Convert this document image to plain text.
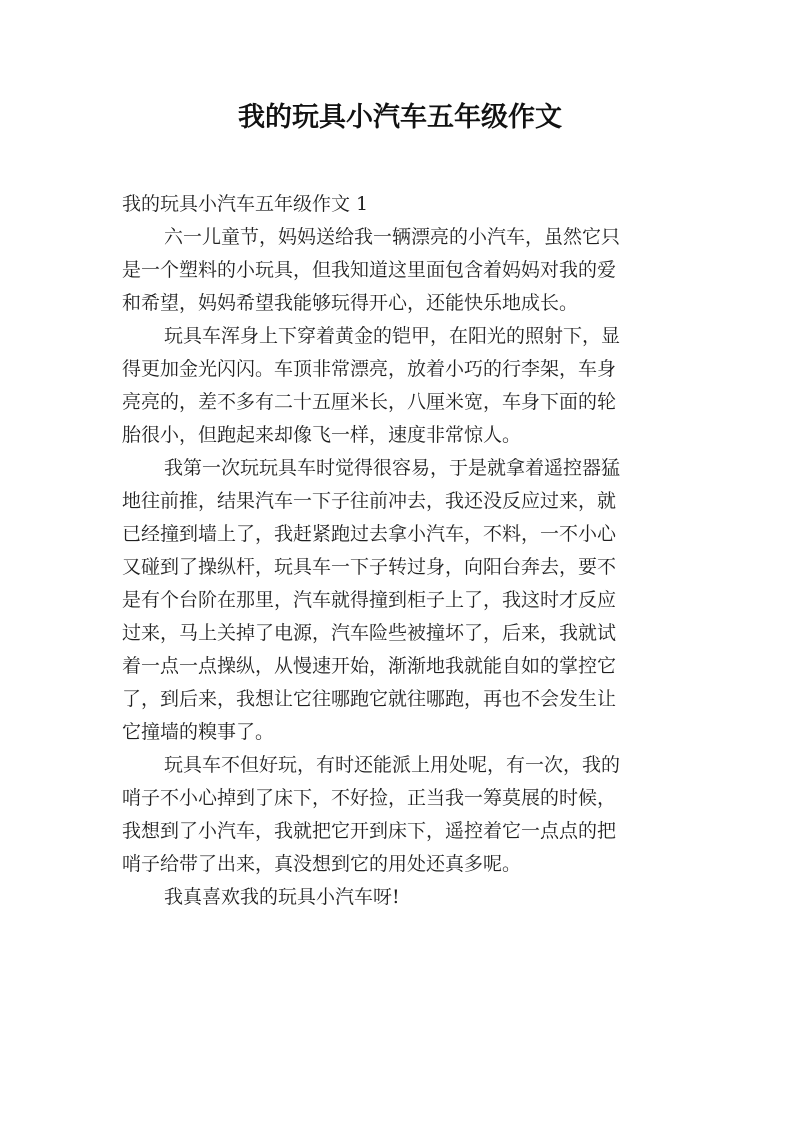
我的玩具小汽车五年级作文
我的玩具小汽车五年级作文 1

六一儿童节，妈妈送给我一辆漂亮的小汽车，虽然它只
是一个塑料的小玩具，但我知道这里面包含着妈妈对我的爱
和希望，妈妈希望我能够玩得开心，还能快乐地成长。

玩具车浑身上下穿着黄金的铠甲，在阳光的照射下，显
得更加金光闪闪。车顶非常漂亮，放着小巧的行李架，车身
亮亮的，差不多有二十五厘米长，八厘米宽，车身下面的轮
胎很小，但跑起来却像飞一样，速度非常惊人。

我第一次玩玩具车时觉得很容易，于是就拿着遥控器猛
地往前推，结果汽车一下子往前冲去，我还没反应过来，就
已经撞到墙上了，我赶紧跑过去拿小汽车，不料，一不小心
又碰到了操纵杆，玩具车一下子转过身，向阳台奔去，要不
是有个台阶在那里，汽车就得撞到柜子上了，我这时才反应
过来，马上关掉了电源，汽车险些被撞坏了，后来，我就试
着一点一点操纵，从慢速开始，渐渐地我就能自如的掌控它
了，到后来，我想让它往哪跑它就往哪跑，再也不会发生让
它撞墙的糗事了。

玩具车不但好玩，有时还能派上用处呢，有一次，我的
哨子不小心掉到了床下，不好捡，正当我一筹莫展的时候，
我想到了小汽车，我就把它开到床下，遥控着它一点点的把
哨子给带了出来，真没想到它的用处还真多呢。

我真喜欢我的玩具小汽车呀!
